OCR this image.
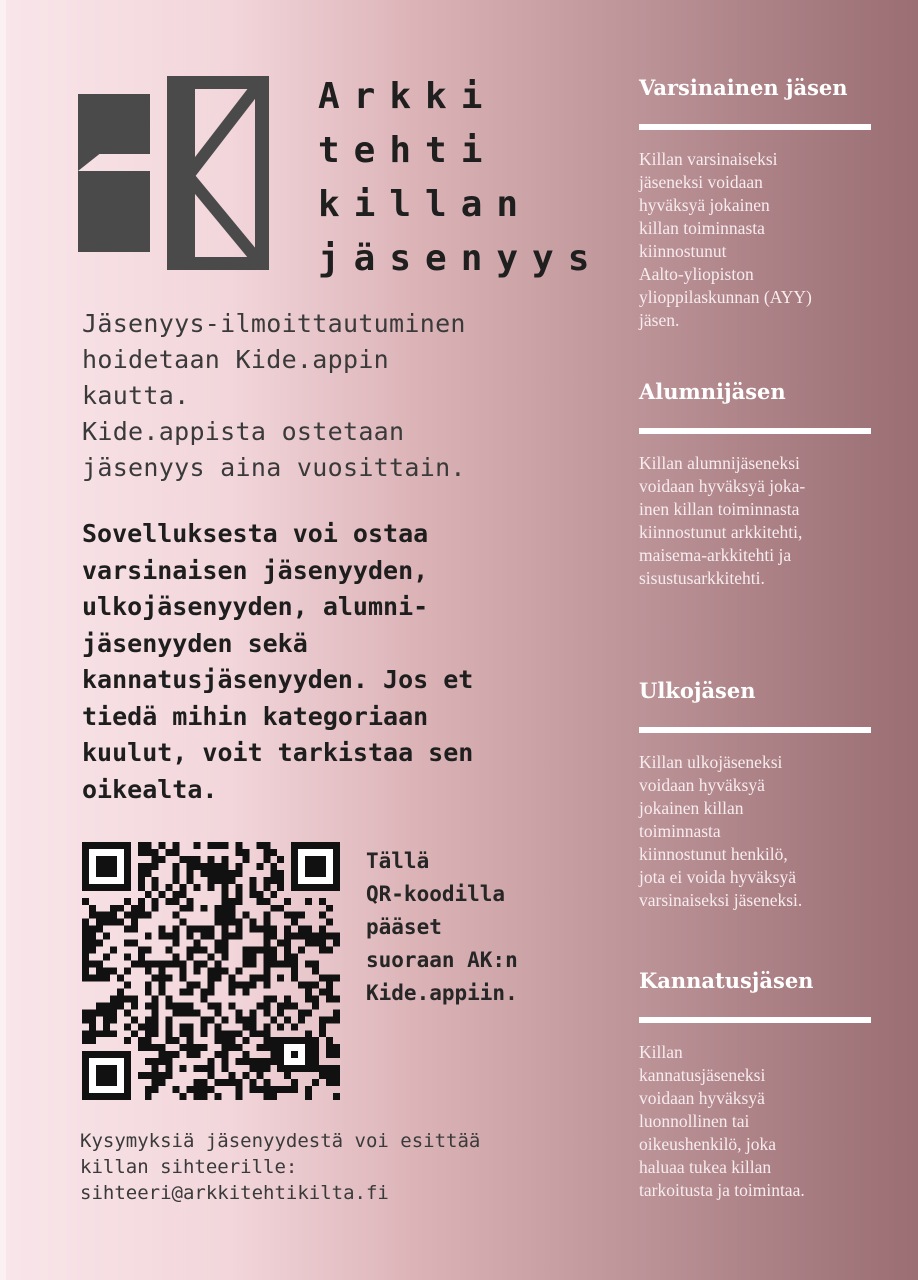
Arkki
tehti
killan
jäsenyys

Jäsenyys-ilmoittautuminen

hoidetaan Kide.appin

kautta.

Kide.appista ostetaan

jäsenyys aina vuosittain.

Sovelluksesta voi ostaa

varsinaisen jäsenyyden,

ulkojäsenyyden, alumni-

jäsenyyden sekä

kannatusjäsenyyden. Jos et

tiedä mihin kategoriaan

kuulut, voit tarkistaa sen

oikealta.

Tällä

QR-koodilla

pääset

suoraan AK:n

Kide.appiin.

Kysymyksiä jäsenyydestä voi esittää

killan sihteerille:

sihteeri@arkkitehtikilta.fi

Varsinainen jäsen

Killan varsinaiseksi

jäseneksi voidaan

hyväksyä jokainen

killan toiminnasta

kiinnostunut

Aalto-yliopiston

ylioppilaskunnan (AYY)

jäsen.

Alumnijäsen

Killan alumnijäseneksi

voidaan hyväksyä joka-

inen killan toiminnasta

kiinnostunut arkkitehti,

maisema-arkkitehti ja

sisustusarkkitehti.

Ulkojäsen

Killan ulkojäseneksi

voidaan hyväksyä

jokainen killan

toiminnasta

kiinnostunut henkilö,

jota ei voida hyväksyä

varsinaiseksi jäseneksi.

Kannatusjäsen

Killan

kannatusjäseneksi

voidaan hyväksyä

luonnollinen tai

oikeushenkilö, joka

haluaa tukea killan

tarkoitusta ja toimintaa.
